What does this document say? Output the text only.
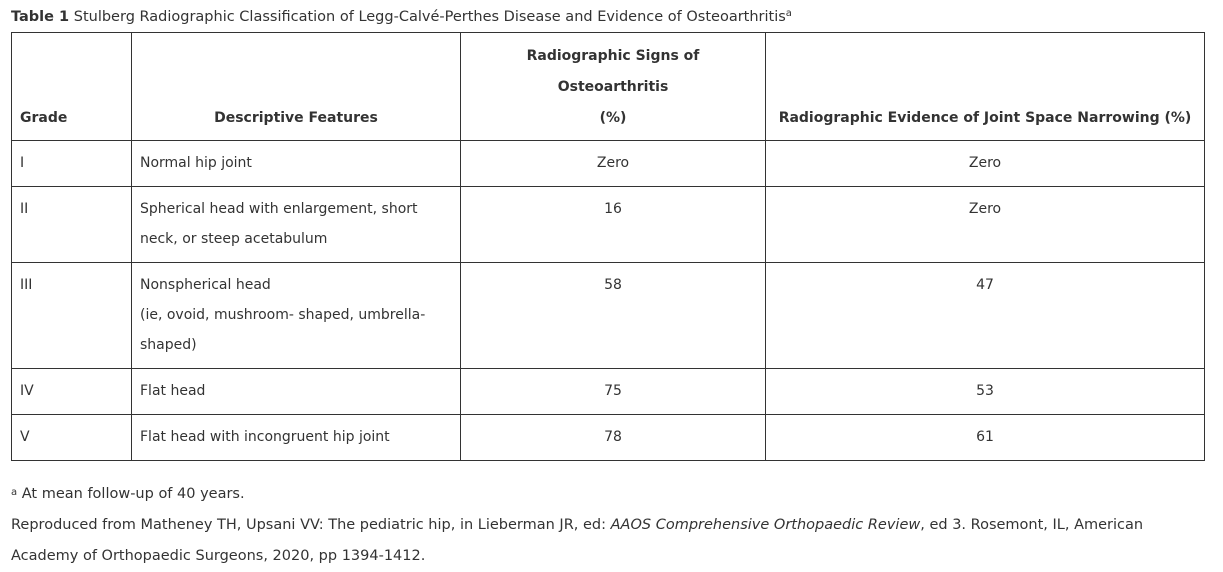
Table 1 Stulberg Radiographic Classification of Legg-Calvé-Perthes Disease and Evidence of Osteoarthritis$^a$
Grade	Descriptive Features	Radiographic Signs of Osteoarthritis
(%)	Radiographic Evidence of Joint Space Narrowing (%)
I	Normal hip joint	Zero	Zero
II	Spherical head with enlargement, short
neck, or steep acetabulum	16	Zero
III	Nonspherical head
(ie, ovoid, mushroom- shaped, umbrella-
shaped)	58	47
IV	Flat head	75	53
V	Flat head with incongruent hip joint	78	61

$^a$ At mean follow-up of 40 years.

Reproduced from Matheney TH, Upsani VV: The pediatric hip, in Lieberman JR, ed: AAOS Comprehensive Orthopaedic Review, ed 3. Rosemont, IL, American Academy of Orthopaedic Surgeons, 2020, pp 1394-1412.
